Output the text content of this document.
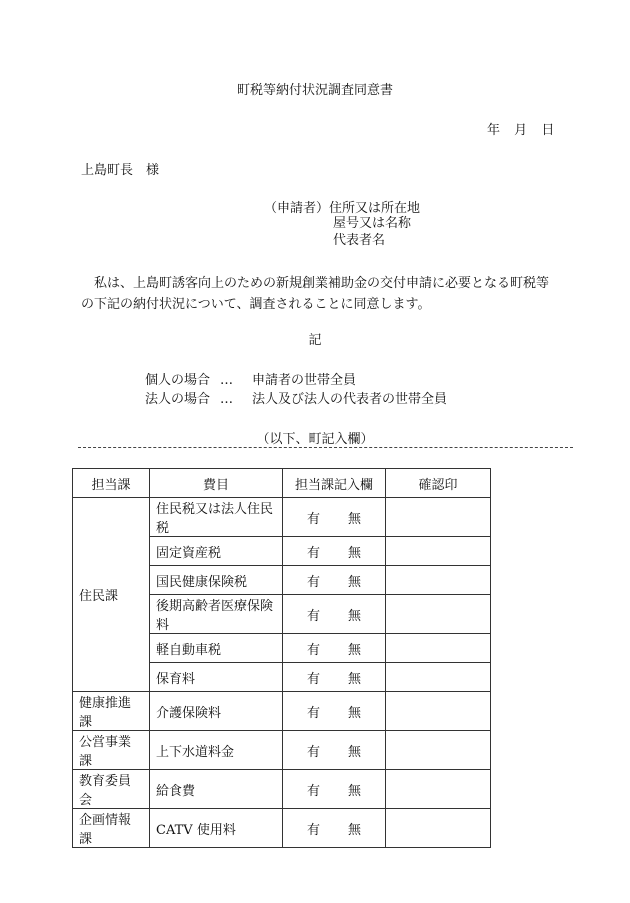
町税等納付状況調査同意書
年 月 日
上島町長　様
（申請者）住所又は所在地
屋号又は名称
代表者名
　私は、上島町誘客向上のための新規創業補助金の交付申請に必要となる町税等の下記の納付状況について、調査されることに同意します。
記
個人の場合 … 申請者の世帯全員
法人の場合 … 法人及び法人の代表者の世帯全員
（以下、町記入欄）
担当課	費目	担当課記入欄	確認印
住民課	住民税又は法人住民税	有 無	
	固定資産税	有 無	
	国民健康保険税	有 無	
	後期高齢者医療保険料	有 無	
	軽自動車税	有 無	
	保育料	有 無	
健康推進課	介護保険料	有 無	
公営事業課	上下水道料金	有 無	
教育委員会	給食費	有 無	
企画情報課	CATV 使用料	有 無	
